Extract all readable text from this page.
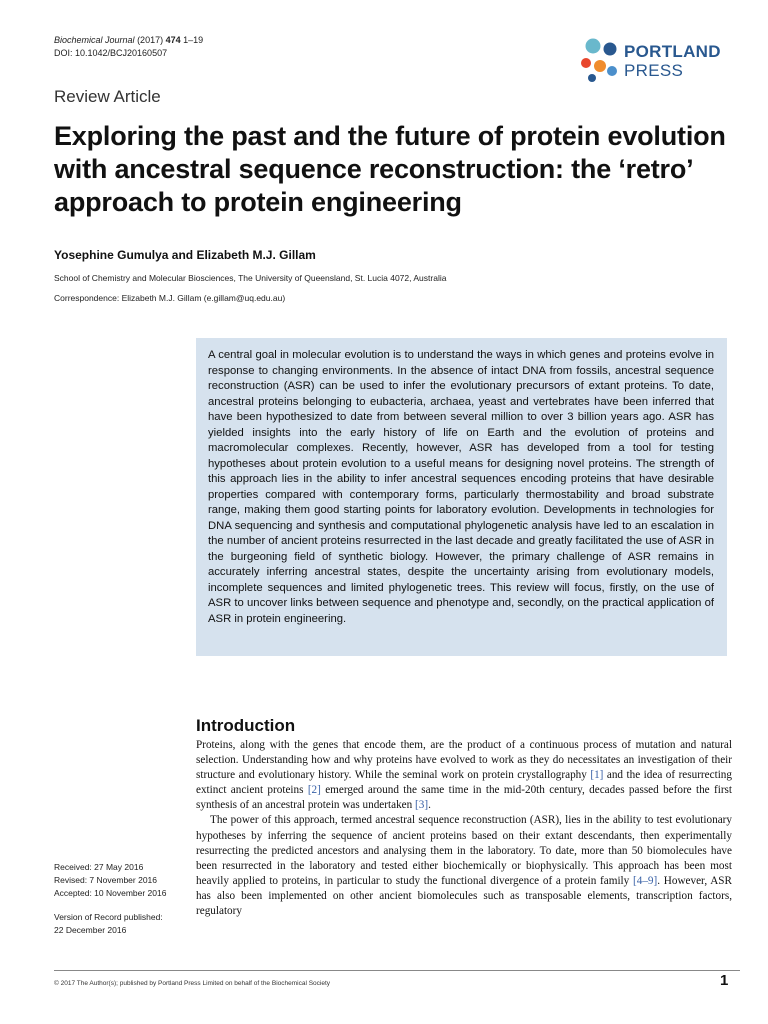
Biochemical Journal (2017) 474 1–19
DOI: 10.1042/BCJ20160507	PORTLAND
PRESS
Review Article
Exploring the past and the future of protein evolution with ancestral sequence reconstruction: the ‘retro’ approach to protein engineering
Yosephine Gumulya and Elizabeth M.J. Gillam
School of Chemistry and Molecular Biosciences, The University of Queensland, St. Lucia 4072, Australia
Correspondence: Elizabeth M.J. Gillam (e.gillam@uq.edu.au)
A central goal in molecular evolution is to understand the ways in which genes and proteins evolve in response to changing environments. In the absence of intact DNA from fossils, ancestral sequence reconstruction (ASR) can be used to infer the evolutionary precursors of extant proteins. To date, ancestral proteins belonging to eubacteria, archaea, yeast and vertebrates have been inferred that have been hypothesized to date from between several million to over 3 billion years ago. ASR has yielded insights into the early history of life on Earth and the evolution of proteins and macromolecular complexes. Recently, however, ASR has developed from a tool for testing hypotheses about protein evolution to a useful means for designing novel proteins. The strength of this approach lies in the ability to infer ancestral sequences encoding proteins that have desirable properties compared with contemporary forms, particularly thermostability and broad substrate range, making them good starting points for laboratory evolution. Developments in technologies for DNA sequencing and synthesis and computational phylogenetic analysis have led to an escalation in the number of ancient proteins resurrected in the last decade and greatly facilitated the use of ASR in the burgeoning field of synthetic biology. However, the primary challenge of ASR remains in accurately inferring ancestral states, despite the uncertainty arising from evolutionary models, incomplete sequences and limited phylogenetic trees. This review will focus, firstly, on the use of ASR to uncover links between sequence and phenotype and, secondly, on the practical application of ASR in protein engineering.
Introduction

Proteins, along with the genes that encode them, are the product of a continuous process of mutation and natural selection. Understanding how and why proteins have evolved to work as they do necessitates an investigation of their structure and evolutionary history. While the seminal work on protein crystallography [1] and the idea of resurrecting extinct ancient proteins [2] emerged around the same time in the mid-20th century, decades passed before the first synthesis of an ancestral protein was undertaken [3].

The power of this approach, termed ancestral sequence reconstruction (ASR), lies in the ability to test evolutionary hypotheses by inferring the sequence of ancient proteins based on their extant descendants, then experimentally resurrecting the predicted ancestors and analysing them in the laboratory. To date, more than 50 biomolecules have been resurrected in the laboratory and tested either biochemically or biophysically. This approach has been most heavily applied to proteins, in particular to study the functional divergence of a protein family [4–9]. However, ASR has also been implemented on other ancient biomolecules such as transposable elements, transcription factors, regulatory

Received: 27 May 2016
Revised: 7 November 2016
Accepted: 10 November 2016
Version of Record published:
22 December 2016
© 2017 The Author(s); published by Portland Press Limited on behalf of the Biochemical Society	1
